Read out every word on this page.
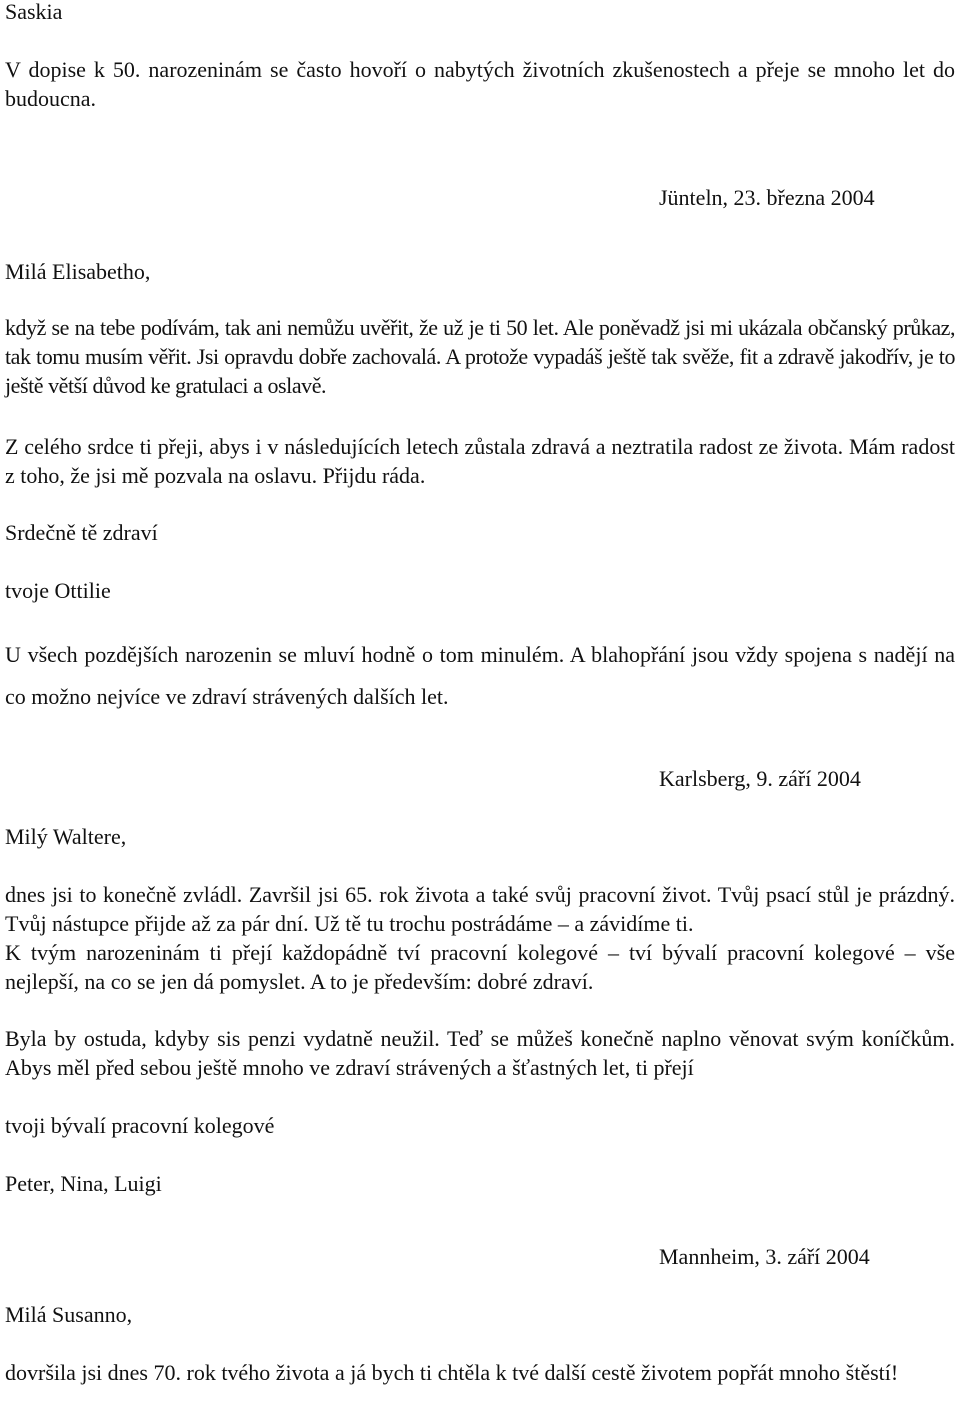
Saskia

V dopise k 50. narozeninám se často hovoří o nabytých životních zkušenostech a přeje se mnoho let do budoucna.

Jünteln, 23. března 2004

Milá Elisabetho,

když se na tebe podívám, tak ani nemůžu uvěřit, že už je ti 50 let. Ale poněvadž jsi mi ukázala občanský průkaz, tak tomu musím věřit. Jsi opravdu dobře zachovalá. A protože vypadáš ještě tak svěže, fit a zdravě jakodřív, je to ještě větší důvod ke gratulaci a oslavě.

Z celého srdce ti přeji, abys i v následujících letech zůstala zdravá a neztratila radost ze života. Mám radost z toho, že jsi mě pozvala na oslavu. Přijdu ráda.

Srdečně tě zdraví

tvoje Ottilie

U všech pozdějších narozenin se mluví hodně o tom minulém. A blahopřání jsou vždy spojena s nadějí na co možno nejvíce ve zdraví strávených dalších let.

Karlsberg, 9. září 2004

Milý Waltere,

dnes jsi to konečně zvládl. Završil jsi 65. rok života a také svůj pracovní život. Tvůj psací stůl je prázdný. Tvůj nástupce přijde až za pár dní. Už tě tu trochu postrádáme – a závidíme ti.

K tvým narozeninám ti přejí každopádně tví pracovní kolegové – tví bývalí pracovní kolegové – vše nejlepší, na co se jen dá pomyslet. A to je především: dobré zdraví.

Byla by ostuda, kdyby sis penzi vydatně neužil. Teď se můžeš konečně naplno věnovat svým koníčkům. Abys měl před sebou ještě mnoho ve zdraví strávených a šťastných let, ti přejí

tvoji bývalí pracovní kolegové

Peter, Nina, Luigi

Mannheim, 3. září 2004

Milá Susanno,

dovršila jsi dnes 70. rok tvého života a já bych ti chtěla k tvé další cestě životem popřát mnoho štěstí!
